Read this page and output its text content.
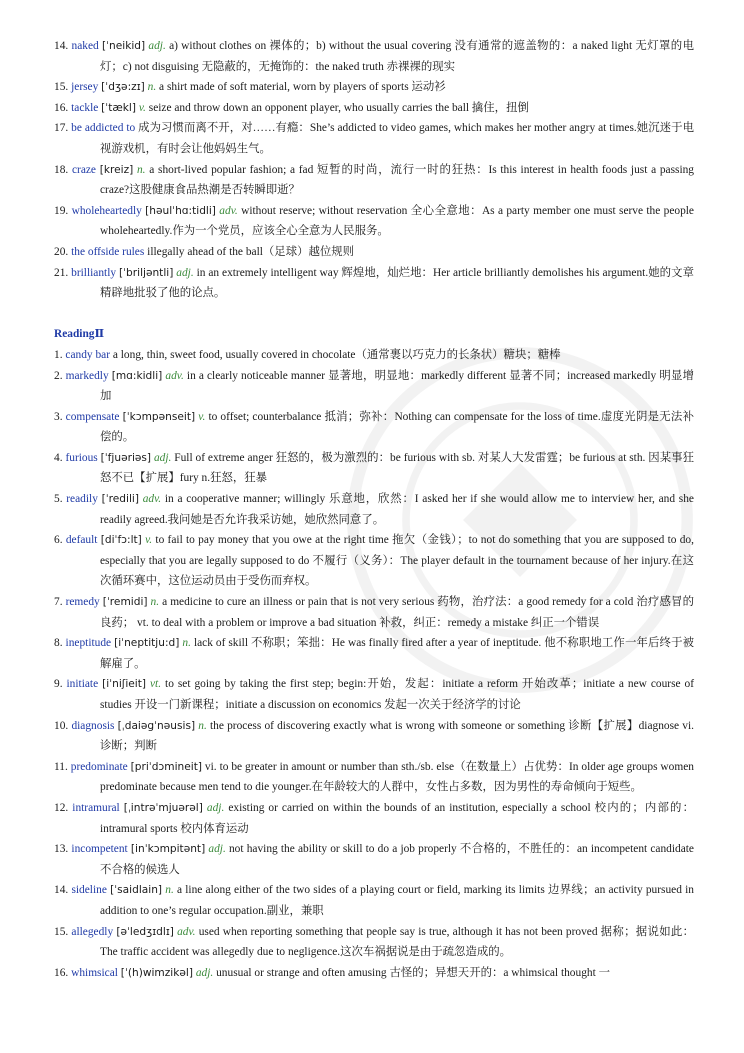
14. naked [ˈneikid] adj. a) without clothes on 裸体的；b) without the usual covering 没有通常的遮盖物的：a naked light 无灯罩的电灯；c) not disguising 无隐蔽的，无掩饰的：the naked truth 赤裸裸的现实

15. jersey [ˈdʒə:zɪ] n. a shirt made of soft material, worn by players of sports 运动衫

16. tackle [ˈtækl] v. seize and throw down an opponent player, who usually carries the ball 擒住，扭倒

17. be addicted to 成为习惯而离不开，对……有瘾：She’s addicted to video games, which makes her mother angry at times.她沉迷于电视游戏机，有时会让他妈妈生气。

18. craze [kreiz] n. a short-lived popular fashion; a fad 短暂的时尚，流行一时的狂热：Is this interest in health foods just a passing craze?这股健康食品热潮是否转瞬即逝？

19. wholeheartedly [həulˈhɑ:tidli] adv. without reserve; without reservation 全心全意地：As a party member one must serve the people wholeheartedly.作为一个党员，应该全心全意为人民服务。

20. the offside rules illegally ahead of the ball（足球）越位规则

21. brilliantly [ˈbriljəntli] adj. in an extremely intelligent way 辉煌地，灿烂地：Her article brilliantly demolishes his argument.她的文章精辟地批驳了他的论点。

ReadingⅡ

1. candy bar a long, thin, sweet food, usually covered in chocolate（通常裹以巧克力的长条状）糖块；糖棒

2. markedly [mɑ:kidli] adv. in a clearly noticeable manner 显著地，明显地：markedly different 显著不同；increased markedly 明显增加

3. compensate [ˈkɔmpənseit] v. to offset; counterbalance 抵消；弥补：Nothing can compensate for the loss of time.虚度光阴是无法补偿的。

4. furious [ˈfjuəriəs] adj. Full of extreme anger 狂怒的，极为激烈的：be furious with sb. 对某人大发雷霆；be furious at sth. 因某事狂怒不已【扩展】fury n.狂怒，狂暴

5. readily [ˈredili] adv. in a cooperative manner; willingly 乐意地，欣然：I asked her if she would allow me to interview her, and she readily agreed.我问她是否允许我采访她，她欣然同意了。

6. default [diˈfɔ:lt] v. to fail to pay money that you owe at the right time 拖欠（金钱）；to not do something that you are supposed to do, especially that you are legally supposed to do 不履行（义务）：The player default in the tournament because of her injury.在这次循环赛中，这位运动员由于受伤而弃权。

7. remedy [ˈremidi] n. a medicine to cure an illness or pain that is not very serious 药物，治疗法：a good remedy for a cold 治疗感冒的良药； vt. to deal with a problem or improve a bad situation 补救，纠正：remedy a mistake 纠正一个错误

8. ineptitude [iˈneptitju:d] n. lack of skill 不称职；笨拙：He was finally fired after a year of ineptitude. 他不称职地工作一年后终于被解雇了。

9. initiate [iˈniʃieit] vt. to set going by taking the first step; begin:开始，发起：initiate a reform 开始改革；initiate a new course of studies 开设一门新课程；initiate a discussion on economics 发起一次关于经济学的讨论

10. diagnosis [ˌdaiəgˈnəusis] n. the process of discovering exactly what is wrong with someone or something 诊断【扩展】diagnose vi. 诊断；判断

11. predominate [priˈdɔmineit] vi. to be greater in amount or number than sth./sb. else（在数量上）占优势：In older age groups women predominate because men tend to die younger.在年龄较大的人群中，女性占多数，因为男性的寿命倾向于短些。

12. intramural [ˌintrəˈmjuərəl] adj. existing or carried on within the bounds of an institution, especially a school 校内的；内部的：intramural sports 校内体育运动

13. incompetent [inˈkɔmpitənt] adj. not having the ability or skill to do a job properly 不合格的，不胜任的：an incompetent candidate 不合格的候选人

14. sideline [ˈsaidlain] n. a line along either of the two sides of a playing court or field, marking its limits 边界线；an activity pursued in addition to one’s regular occupation.副业，兼职

15. allegedly [əˈledʒɪdlɪ] adv. used when reporting something that people say is true, although it has not been proved 据称；据说如此：The traffic accident was allegedly due to negligence.这次车祸据说是由于疏忽造成的。

16. whimsical [ˈ(h)wimzikəl] adj. unusual or strange and often amusing 古怪的；异想天开的：a whimsical thought 一
